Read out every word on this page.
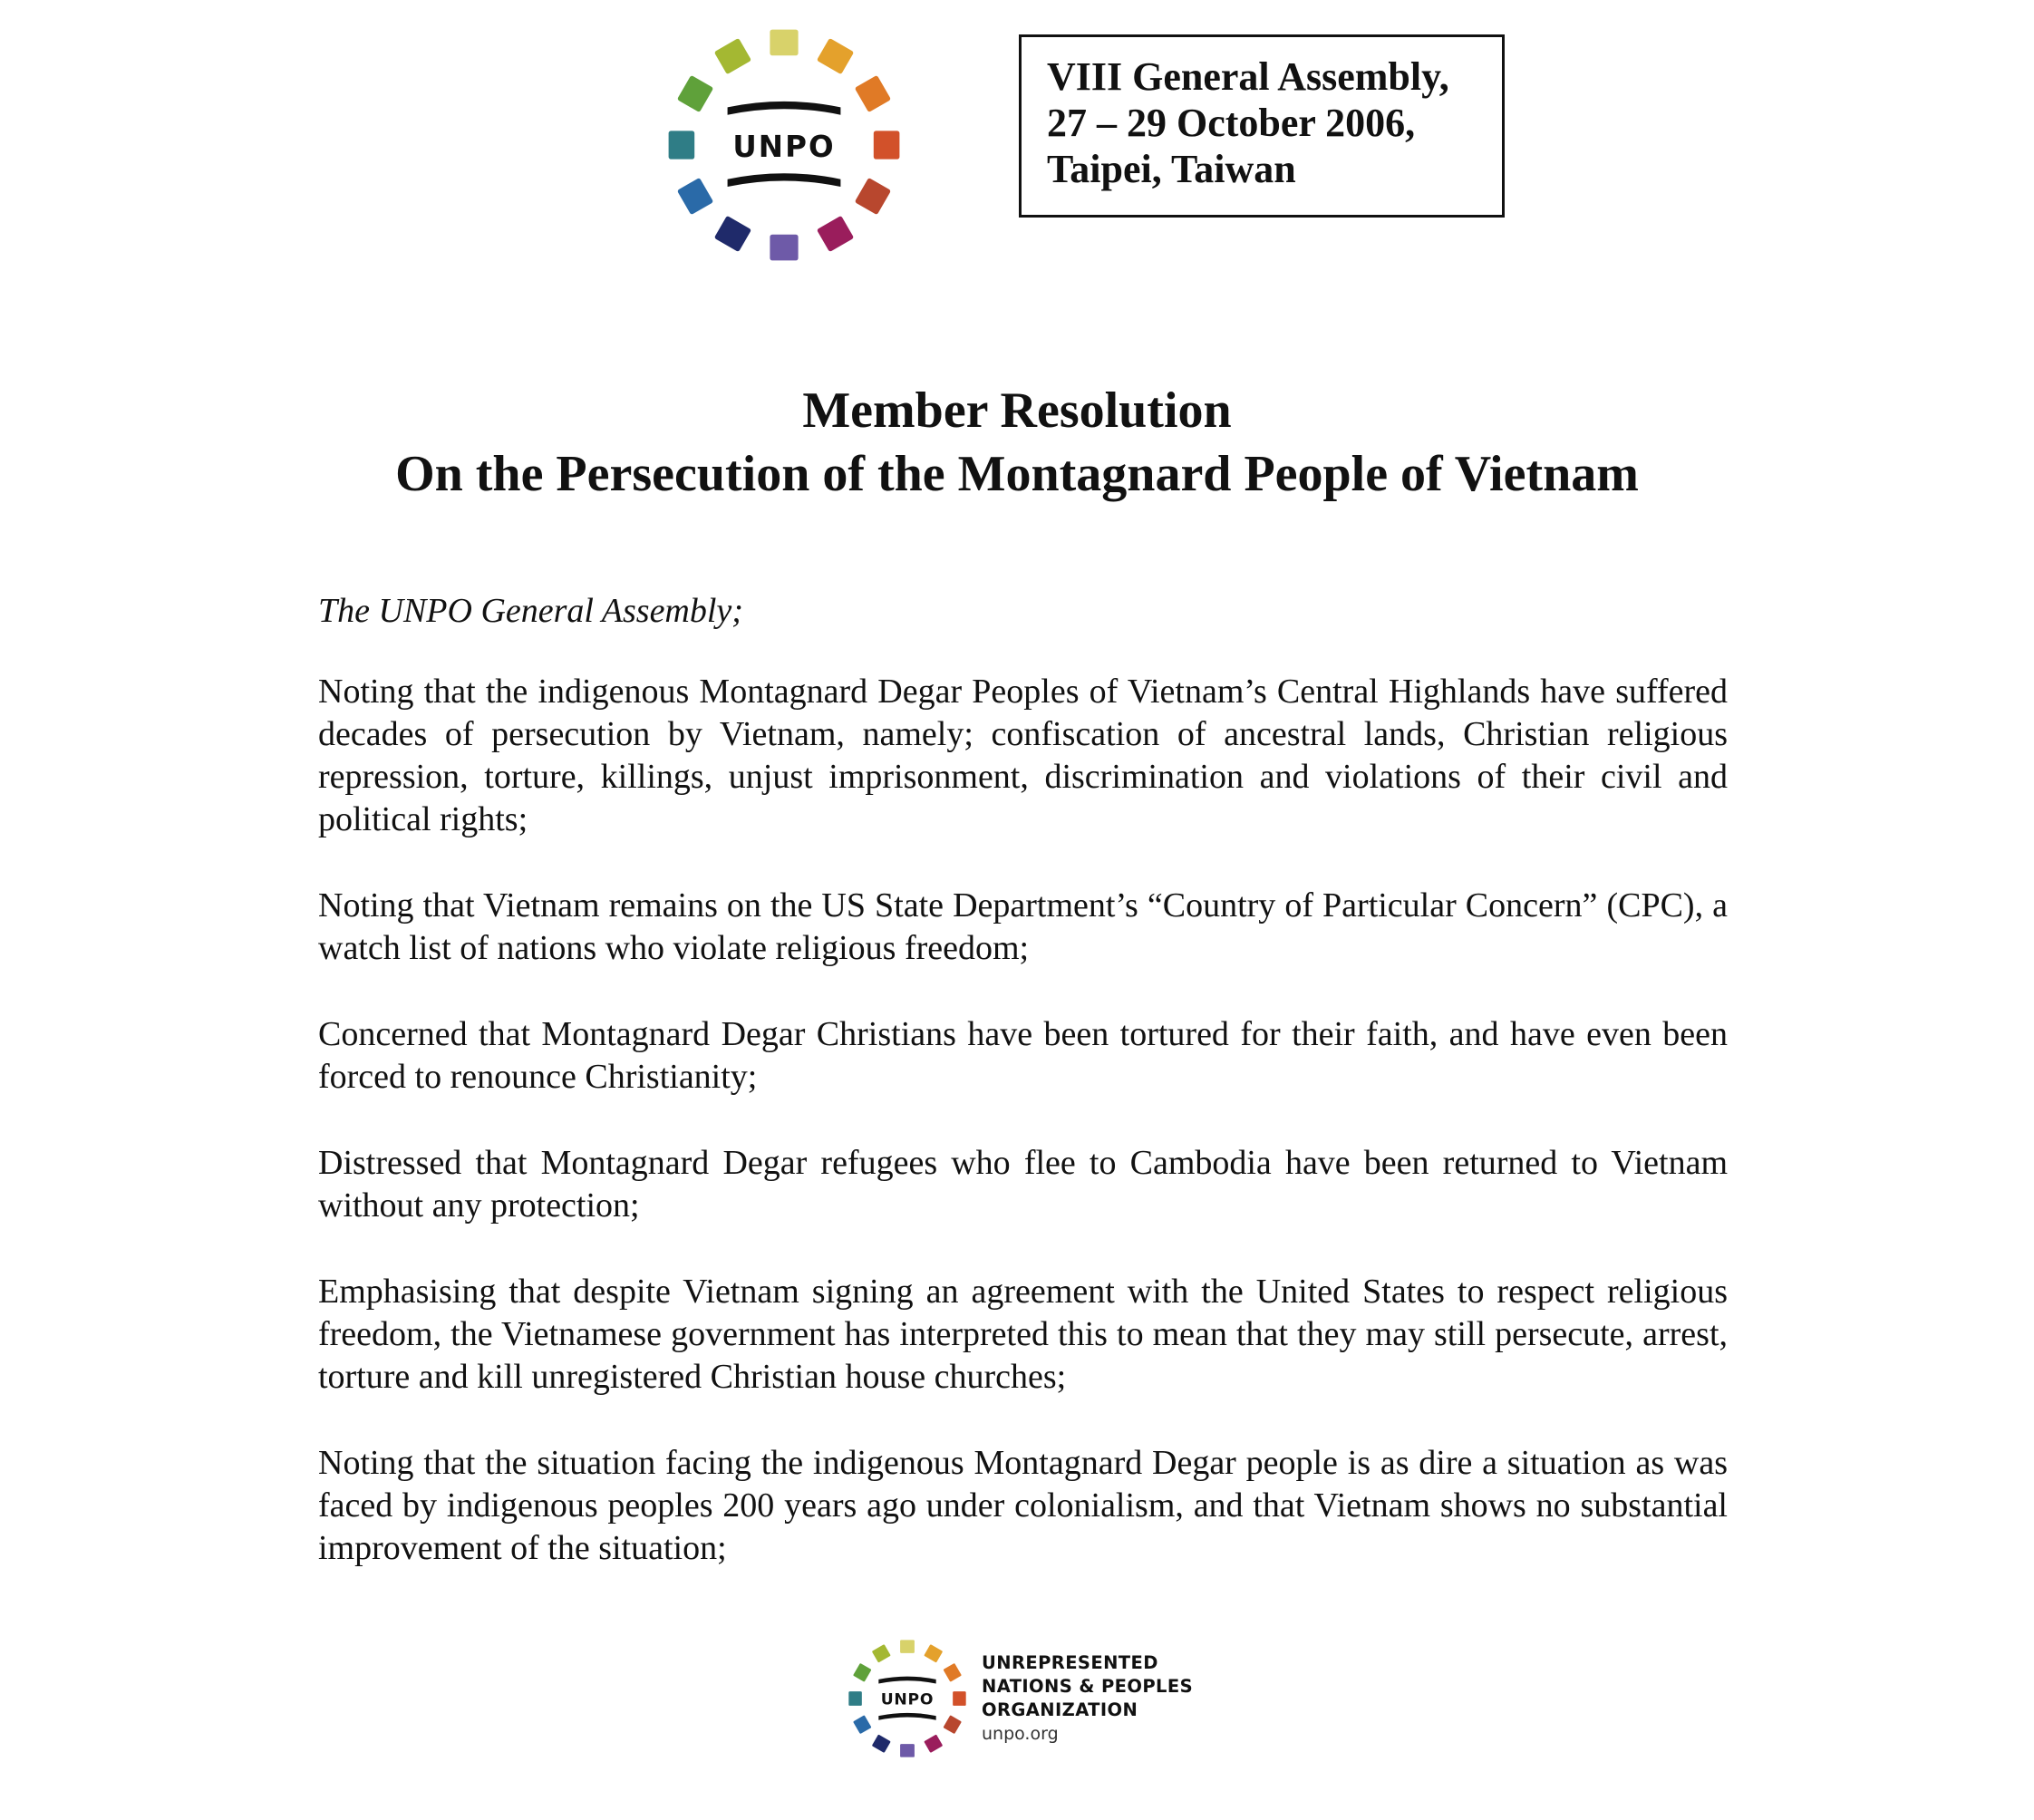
UNPO
VIII General Assembly,
27 – 29 October 2006,
Taipei, Taiwan
Member Resolution
On the Persecution of the Montagnard People of Vietnam

The UNPO General Assembly;

Noting that the indigenous Montagnard Degar Peoples of Vietnam’s Central Highlands have suffered decades of persecution by Vietnam, namely; confiscation of ancestral lands, Christian religious repression, torture, killings, unjust imprisonment, discrimination and violations of their civil and political rights;

Noting that Vietnam remains on the US State Department’s “Country of Particular Concern” (CPC), a watch list of nations who violate religious freedom;

Concerned that Montagnard Degar Christians have been tortured for their faith, and have even been forced to renounce Christianity;

Distressed that Montagnard Degar refugees who flee to Cambodia have been returned to Vietnam without any protection;

Emphasising that despite Vietnam signing an agreement with the United States to respect religious freedom, the Vietnamese government has interpreted this to mean that they may still persecute, arrest, torture and kill unregistered Christian house churches;

Noting that the situation facing the indigenous Montagnard Degar people is as dire a situation as was faced by indigenous peoples 200 years ago under colonialism, and that Vietnam shows no substantial improvement of the situation;

UNPO
UNREPRESENTED
NATIONS & PEOPLES
ORGANIZATION
unpo.org
